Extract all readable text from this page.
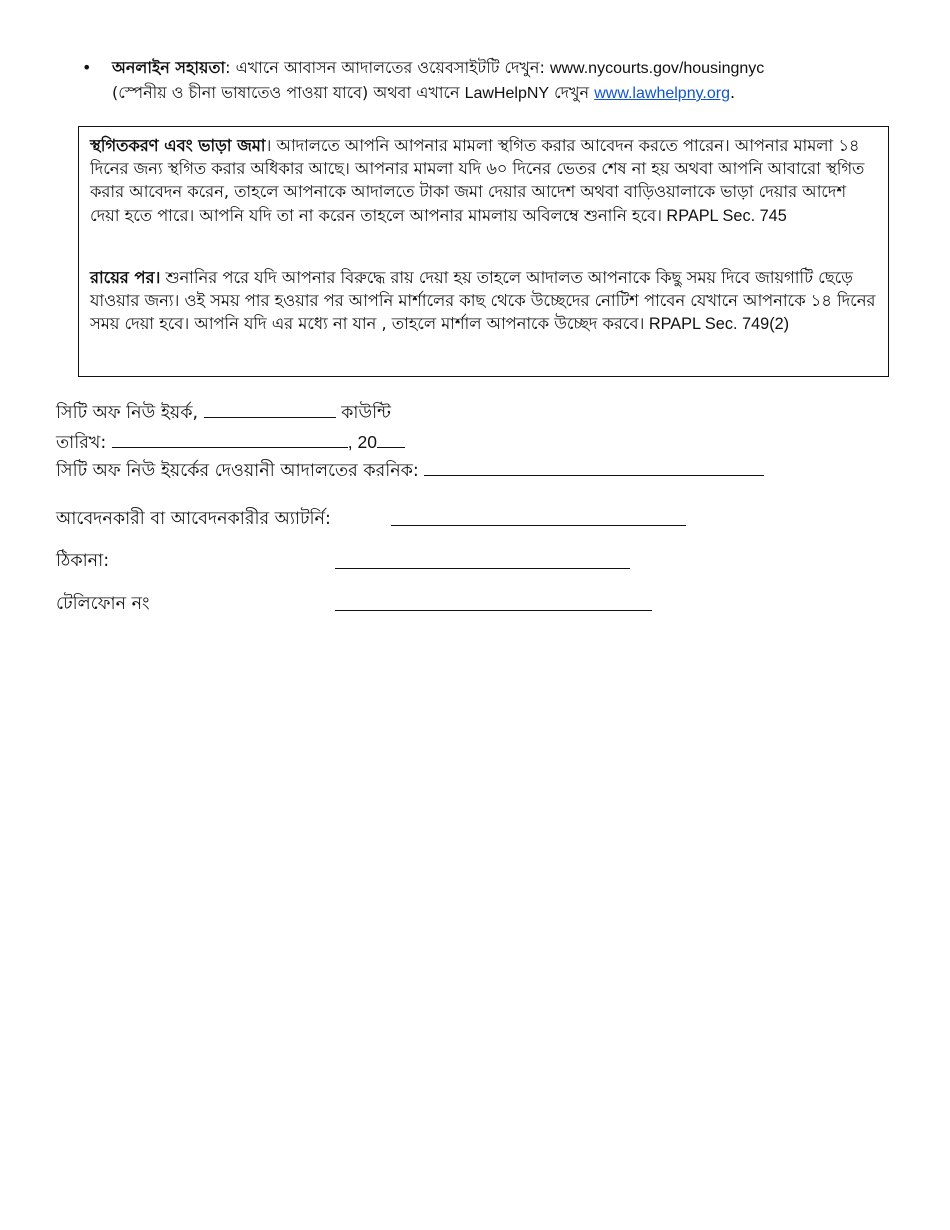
•	অনলাইন সহায়তা: এখানে আবাসন আদালতের ওয়েবসাইটটি দেখুন: www.nycourts.gov/housingnyc
(স্পেনীয় ও চীনা ভাষাতেও পাওয়া যাবে) অথবা এখানে LawHelpNY দেখুন www.lawhelpny.org.
স্থগিতকরণ এবং ভাড়া জমা। আদালতে আপনি আপনার মামলা স্থগিত করার আবেদন করতে পারেন। আপনার মামলা ১৪ দিনের জন্য স্থগিত করার অধিকার আছে। আপনার মামলা যদি ৬০ দিনের ভেতর শেষ না হয় অথবা আপনি আবারো স্থগিত করার আবেদন করেন, তাহলে আপনাকে আদালতে টাকা জমা দেয়ার আদেশ অথবা বাড়িওয়ালাকে ভাড়া দেয়ার আদেশ দেয়া হতে পারে। আপনি যদি তা না করেন তাহলে আপনার মামলায় অবিলম্বে শুনানি হবে। RPAPL Sec. 745
রায়ের পর। শুনানির পরে যদি আপনার বিরুদ্ধে রায় দেয়া হয় তাহলে আদালত আপনাকে কিছু সময় দিবে জায়গাটি ছেড়ে যাওয়ার জন্য। ওই সময় পার হওয়ার পর আপনি মার্শালের কাছ থেকে উচ্ছেদের নোটিশ পাবেন যেখানে আপনাকে ১৪ দিনের সময় দেয়া হবে। আপনি যদি এর মধ্যে না যান , তাহলে মার্শাল আপনাকে উচ্ছেদ করবে। RPAPL Sec. 749(2)
সিটি অফ নিউ ইয়র্ক,	কাউন্টি
তারিখ:	, 20
সিটি অফ নিউ ইয়র্কের দেওয়ানী আদালতের করনিক:
আবেদনকারী বা আবেদনকারীর অ্যাটর্নি:
ঠিকানা:
টেলিফোন নং
